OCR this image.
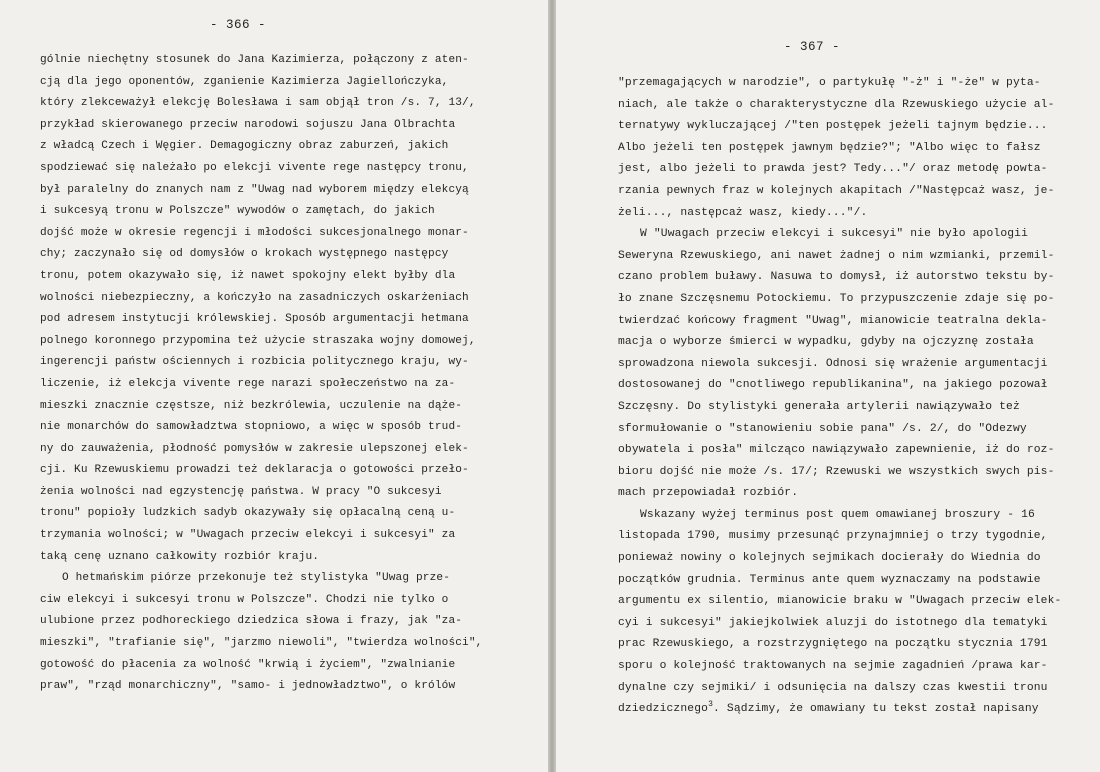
- 366 -
gólnie niechętny stosunek do Jana Kazimierza, połączony z aten-
cją dla jego oponentów, zganienie Kazimierza Jagiellończyka,
który zlekceważył elekcję Bolesława i sam objął tron /s. 7, 13/,
przykład skierowanego przeciw narodowi sojuszu Jana Olbrachta
z władcą Czech i Węgier. Demagogiczny obraz zaburzeń, jakich
spodziewać się należało po elekcji vivente rege następcy tronu,
był paralelny do znanych nam z "Uwag nad wyborem między elekcyą
i sukcesyą tronu w Polszcze" wywodów o zamętach, do jakich
dojść może w okresie regencji i młodości sukcesjonalnego monar-
chy; zaczynało się od domysłów o krokach występnego następcy
tronu, potem okazywało się, iż nawet spokojny elekt byłby dla
wolności niebezpieczny, a kończyło na zasadniczych oskarżeniach
pod adresem instytucji królewskiej. Sposób argumentacji hetmana
polnego koronnego przypomina też użycie straszaka wojny domowej,
ingerencji państw ościennych i rozbicia politycznego kraju, wy-
liczenie, iż elekcja vivente rege narazi społeczeństwo na za-
mieszki znacznie częstsze, niż bezkrólewia, uczulenie na dąże-
nie monarchów do samowładztwa stopniowo, a więc w sposób trud-
ny do zauważenia, płodność pomysłów w zakresie ulepszonej elek-
cji. Ku Rzewuskiemu prowadzi też deklaracja o gotowości przeło-
żenia wolności nad egzystencję państwa. W pracy "O sukcesyi
tronu" popioły ludzkich sadyb okazywały się opłacalną ceną u-
trzymania wolności; w "Uwagach przeciw elekcyi i sukcesyi" za
taką cenę uznano całkowity rozbiór kraju.
O hetmańskim piórze przekonuje też stylistyka "Uwag prze-
ciw elekcyi i sukcesyi tronu w Polszcze". Chodzi nie tylko o
ulubione przez podhoreckiego dziedzica słowa i frazy, jak "za-
mieszki", "trafianie się", "jarzmo niewoli", "twierdza wolności",
gotowość do płacenia za wolność "krwią i życiem", "zwalnianie
praw", "rząd monarchiczny", "samo- i jednowładztwo", o królów
- 367 -
"przemagających w narodzie", o partykułę "-ż" i "-że" w pyta-
niach, ale także o charakterystyczne dla Rzewuskiego użycie al-
ternatywy wykluczającej /"ten postępek jeżeli tajnym będzie...
Albo jeżeli ten postępek jawnym będzie?"; "Albo więc to fałsz
jest, albo jeżeli to prawda jest? Tedy..."/ oraz metodę powta-
rzania pewnych fraz w kolejnych akapitach /"Następcaż wasz, je-
żeli..., następcaż wasz, kiedy..."/.
W "Uwagach przeciw elekcyi i sukcesyi" nie było apologii
Seweryna Rzewuskiego, ani nawet żadnej o nim wzmianki, przemil-
czano problem buławy. Nasuwa to domysł, iż autorstwo tekstu by-
ło znane Szczęsnemu Potockiemu. To przypuszczenie zdaje się po-
twierdzać końcowy fragment "Uwag", mianowicie teatralna dekla-
macja o wyborze śmierci w wypadku, gdyby na ojczyznę została
sprowadzona niewola sukcesji. Odnosi się wrażenie argumentacji
dostosowanej do "cnotliwego republikanina", na jakiego pozował
Szczęsny. Do stylistyki generała artylerii nawiązywało też
sformułowanie o "stanowieniu sobie pana" /s. 2/, do "Odezwy
obywatela i posła" milcząco nawiązywało zapewnienie, iż do roz-
bioru dojść nie może /s. 17/; Rzewuski we wszystkich swych pis-
mach przepowiadał rozbiór.
Wskazany wyżej terminus post quem omawianej broszury - 16
listopada 1790, musimy przesunąć przynajmniej o trzy tygodnie,
ponieważ nowiny o kolejnych sejmikach docierały do Wiednia do
początków grudnia. Terminus ante quem wyznaczamy na podstawie
argumentu ex silentio, mianowicie braku w "Uwagach przeciw elek-
cyi i sukcesyi" jakiejkolwiek aluzji do istotnego dla tematyki
prac Rzewuskiego, a rozstrzygniętego na początku stycznia 1791
sporu o kolejność traktowanych na sejmie zagadnień /prawa kar-
dynalne czy sejmiki/ i odsunięcia na dalszy czas kwestii tronu
dziedzicznego$^3$. Sądzimy, że omawiany tu tekst został napisany
